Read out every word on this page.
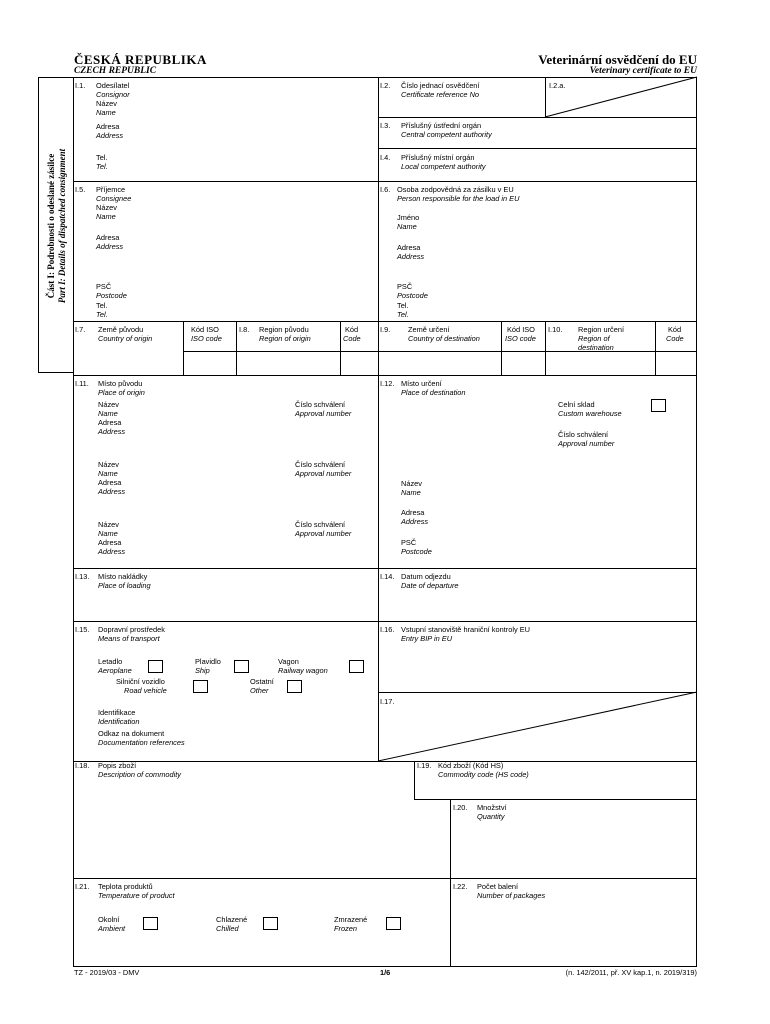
ČESKÁ REPUBLIKA
CZECH REPUBLIC
Veterinární osvědčení do EU
Veterinary certificate to EU
Část I: Podrobnosti o odeslané zásilce Part I: Details of dispatched consignment
I.1. Odesílatel
Consignor
Název
Name
Adresa
Address
Tel.
Tel.
I.2. Číslo jednací osvědčení
Certificate reference No
I.2.a.
I.3. Příslušný ústřední orgán
Central competent authority
I.4. Příslušný místní orgán
Local competent authority
I.5. Příjemce
Consignee
Název
Name
Adresa
Address
PSČ
Postcode
Tel.
Tel.
I.6. Osoba zodpovědná za zásilku v EU
Person responsible for the load in EU
Jméno
Name
Adresa
Address
PSČ
Postcode
Tel.
Tel.
I.7. Země původu
Country of origin
Kód ISO
ISO code
I.8. Region původu
Region of origin
Kód
Code
I.9. Země určení
Country of destination
Kód ISO
ISO code
I.10. Region určení
Region of
destination
Kód
Code
I.11. Místo původu
Place of origin
Název
Name
Adresa
Address
Číslo schválení
Approval number
Název
Name
Adresa
Address
Číslo schválení
Approval number
Název
Name
Adresa
Address
Číslo schválení
Approval number
I.12. Místo určení
Place of destination
Celní sklad
Custom warehouse
Číslo schválení
Approval number
Název
Name
Adresa
Address
PSČ
Postcode
I.13. Místo nakládky
Place of loading
I.14. Datum odjezdu
Date of departure
I.15. Dopravní prostředek
Means of transport
Letadlo
Aeroplane
Plavidlo
Ship
Vagon
Railway wagon
Silniční vozidlo
Road vehicle
Ostatní
Other
Identifikace
Identification
Odkaz na dokument
Documentation references
I.16. Vstupní stanoviště hraniční kontroly EU
Entry BIP in EU
I.17.
I.18. Popis zboží
Description of commodity
I.19. Kód zboží (Kód HS)
Commodity code (HS code)
I.20. Množství
Quantity
I.21. Teplota produktů
Temperature of product
Okolní
Ambient
Chlazené
Chilled
Zmrazené
Frozen
I.22. Počet balení
Number of packages
TZ - 2019/03 - DMV	1/6	(n. 142/2011, př. XV kap.1, n. 2019/319)
